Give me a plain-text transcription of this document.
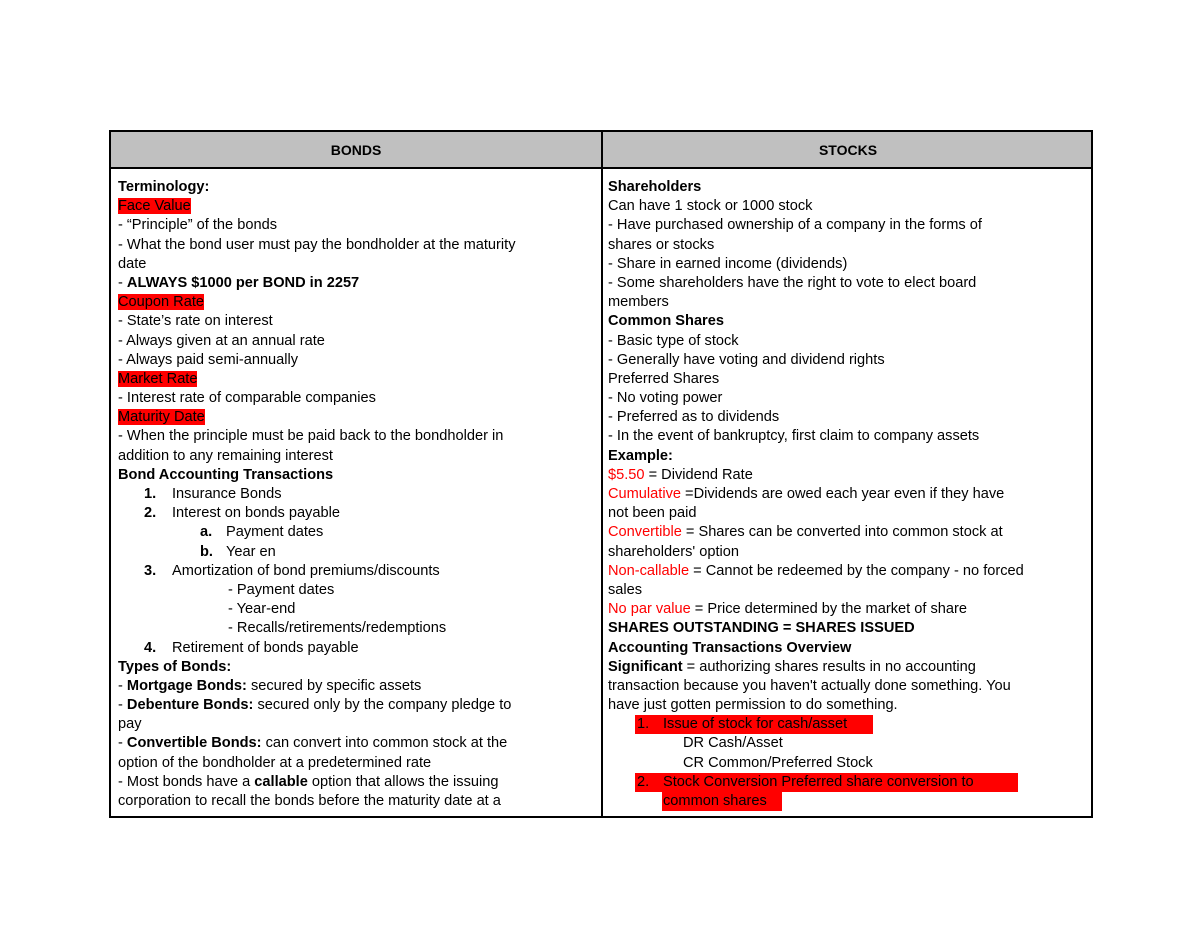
BONDS	STOCKS
Terminology:
Face Value
- “Principle” of the bonds
- What the bond user must pay the bondholder at the maturity
date
- ALWAYS $1000 per BOND in 2257
Coupon Rate
- State’s rate on interest
- Always given at an annual rate
- Always paid semi-annually
Market Rate
- Interest rate of comparable companies
Maturity Date
- When the principle must be paid back to the bondholder in
addition to any remaining interest
Bond Accounting Transactions
1. Insurance Bonds
2. Interest on bonds payable
a. Payment dates
b. Year en
3. Amortization of bond premiums/discounts
- Payment dates
- Year-end
- Recalls/retirements/redemptions
4. Retirement of bonds payable
Types of Bonds:
- Mortgage Bonds: secured by specific assets
- Debenture Bonds: secured only by the company pledge to
pay
- Convertible Bonds: can convert into common stock at the
option of the bondholder at a predetermined rate
- Most bonds have a callable option that allows the issuing
corporation to recall the bonds before the maturity date at a
Shareholders
Can have 1 stock or 1000 stock
- Have purchased ownership of a company in the forms of
shares or stocks
- Share in earned income (dividends)
- Some shareholders have the right to vote to elect board
members
Common Shares
- Basic type of stock
- Generally have voting and dividend rights
Preferred Shares
- No voting power
- Preferred as to dividends
- In the event of bankruptcy, first claim to company assets
Example:
$5.50 = Dividend Rate
Cumulative =Dividends are owed each year even if they have
not been paid
Convertible = Shares can be converted into common stock at
shareholders' option
Non-callable = Cannot be redeemed by the company - no forced
sales
No par value = Price determined by the market of share
SHARES OUTSTANDING = SHARES ISSUED
Accounting Transactions Overview
Significant = authorizing shares results in no accounting
transaction because you haven't actually done something. You
have just gotten permission to do something.
1. Issue of stock for cash/asset
DR Cash/Asset
CR Common/Preferred Stock
2. Stock Conversion Preferred share conversion to
common shares
